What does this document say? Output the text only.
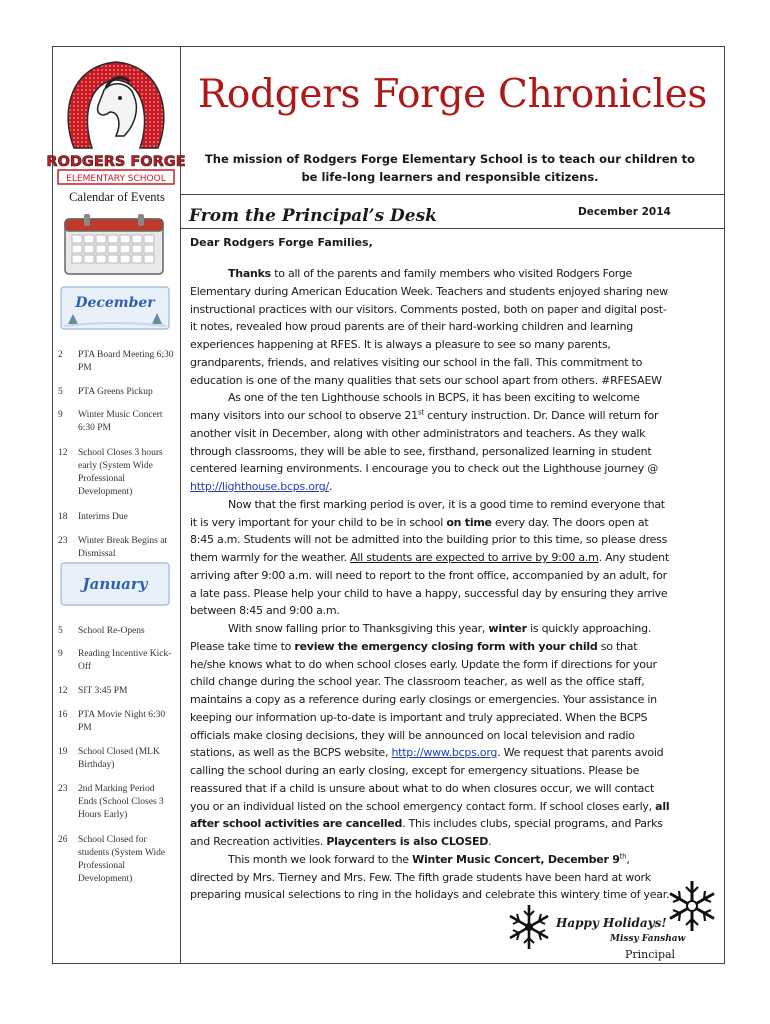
RODGERS FORGE
ELEMENTARY SCHOOL
Rodgers Forge Chronicles
The mission of Rodgers Forge Elementary School is to teach our children to be life-long learners and responsible citizens.
Calendar of Events
December
2 PTA Board Meeting 6;30 PM
5 PTA Greens Pickup
9 Winter Music Concert 6:30 PM
12 School Closes 3 hours early (System Wide Professional Development)
18 Interims Due
23 Winter Break Begins at Dismissal
January
5 School Re-Opens
9 Reading Incentive Kick-Off
12 SIT 3:45 PM
16 PTA Movie Night 6:30 PM
19 School Closed (MLK Birthday)
23 2nd Marking Period Ends (School Closes 3 Hours Early)
26 School Closed for students (System Wide Professional Development)
From the Principal’s Desk	December 2014
Dear Rodgers Forge Families,

Thanks to all of the parents and family members who visited Rodgers Forge Elementary during American Education Week. Teachers and students enjoyed sharing new instructional practices with our visitors. Comments posted, both on paper and digital post-it notes, revealed how proud parents are of their hard-working children and learning experiences happening at RFES. It is always a pleasure to see so many parents, grandparents, friends, and relatives visiting our school in the fall. This commitment to education is one of the many qualities that sets our school apart from others. #RFESAEW

As one of the ten Lighthouse schools in BCPS, it has been exciting to welcome many visitors into our school to observe 21st century instruction. Dr. Dance will return for another visit in December, along with other administrators and teachers. As they walk through classrooms, they will be able to see, firsthand, personalized learning in student centered learning environments. I encourage you to check out the Lighthouse journey @ http://lighthouse.bcps.org/.

Now that the first marking period is over, it is a good time to remind everyone that it is very important for your child to be in school on time every day. The doors open at 8:45 a.m. Students will not be admitted into the building prior to this time, so please dress them warmly for the weather. All students are expected to arrive by 9:00 a.m. Any student arriving after 9:00 a.m. will need to report to the front office, accompanied by an adult, for a late pass. Please help your child to have a happy, successful day by ensuring they arrive between 8:45 and 9:00 a.m.

With snow falling prior to Thanksgiving this year, winter is quickly approaching. Please take time to review the emergency closing form with your child so that he/she knows what to do when school closes early. Update the form if directions for your child change during the school year. The classroom teacher, as well as the office staff, maintains a copy as a reference during early closings or emergencies. Your assistance in keeping our information up-to-date is important and truly appreciated. When the BCPS officials make closing decisions, they will be announced on local television and radio stations, as well as the BCPS website, http://www.bcps.org. We request that parents avoid calling the school during an early closing, except for emergency situations. Please be reassured that if a child is unsure about what to do when closures occur, we will contact you or an individual listed on the school emergency contact form. If school closes early, all after school activities are cancelled. This includes clubs, special programs, and Parks and Recreation activities. Playcenters is also CLOSED.

This month we look forward to the Winter Music Concert, December 9th, directed by Mrs. Tierney and Mrs. Few. The fifth grade students have been hard at work preparing musical selections to ring in the holidays and celebrate this wintery time of year.

Happy Holidays!
Missy Fanshaw
Principal
